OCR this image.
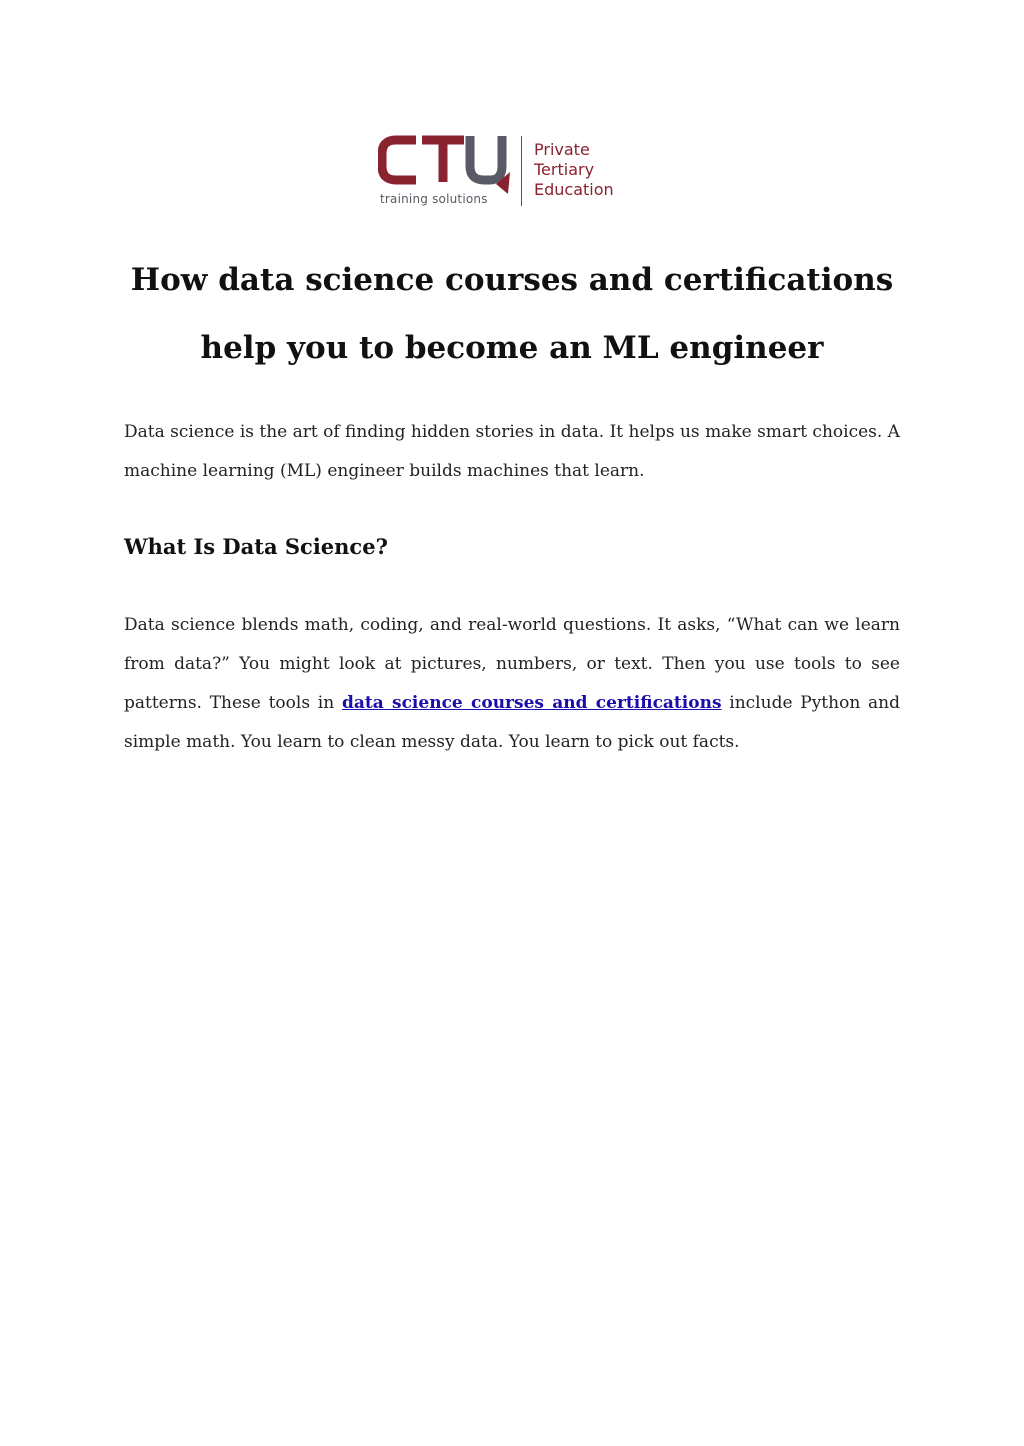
training solutions
Private
Tertiary
Education
How data science courses and certifications
help you to become an ML engineer

Data science is the art of finding hidden stories in data. It helps us make smart choices. A machine learning (ML) engineer builds machines that learn.

What Is Data Science?

Data science blends math, coding, and real-world questions. It asks, “What can we learn from data?” You might look at pictures, numbers, or text. Then you use tools to see patterns. These tools in data science courses and certifications include Python and simple math. You learn to clean messy data. You learn to pick out facts.
